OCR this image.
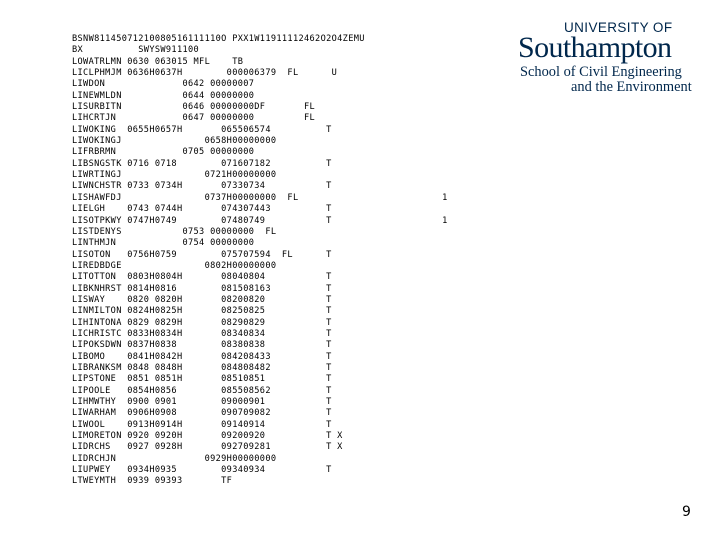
BSNW81145071210080516111110O PXX1W11911112462O2O4ZEMU
BX          SWYSW911100
LOWATRLMN 0630 063015 MFL    TB
LICLPHMJM 0636H0637H        000006379  FL      U
LIWDON              0642 00000007
LINEWMLDN           0644 00000000
LISURBITN           0646 00000000DF       FL
LIHCRTJN            0647 00000000         FL
LIWOKING  0655H0657H       065506574          T
LIWOKINGJ               0658H00000000
LIFRBRMN            0705 00000000
LIBSNGSTK 0716 0718        071607182          T
LIWRTINGJ               0721H00000000
LIWNCHSTR 0733 0734H       07330734           T
LISHAWFDJ               0737H00000000  FL                          1
LIELGH    0743 0744H       074307443          T
LISOTPKWY 0747H0749        07480749           T                    1
LISTDENYS           0753 00000000  FL
LINTHMJN            0754 00000000
LISOTON   0756H0759        075707594  FL      T
LIREDBDGE               0802H00000000
LITOTTON  0803H0804H       08040804           T
LIBKNHRST 0814H0816        081508163          T
LISWAY    0820 0820H       08200820           T
LINMILTON 0824H0825H       08250825           T
LIHINTONA 0829 0829H       08290829           T
LICHRISTC 0833H0834H       08340834           T
LIPOKSDWN 0837H0838        08380838           T
LIBOMO    0841H0842H       084208433          T
LIBRANKSM 0848 0848H       084808482          T
LIPSTONE  0851 0851H       08510851           T
LIPOOLE   0854H0856        085508562          T
LIHMWTHY  0900 0901        09000901           T
LIWARHAM  0906H0908        090709082          T
LIWOOL    0913H0914H       09140914           T
LIMORETON 0920 0920H       09200920           T X
LIDRCHS   0927 0928H       092709281          T X
LIDRCHJN                0929H00000000
LIUPWEY   0934H0935        09340934           T
LTWEYMTH  0939 09393       TF
UNIVERSITY OF
Southampton
School of Civil Engineering
and the Environment
9
